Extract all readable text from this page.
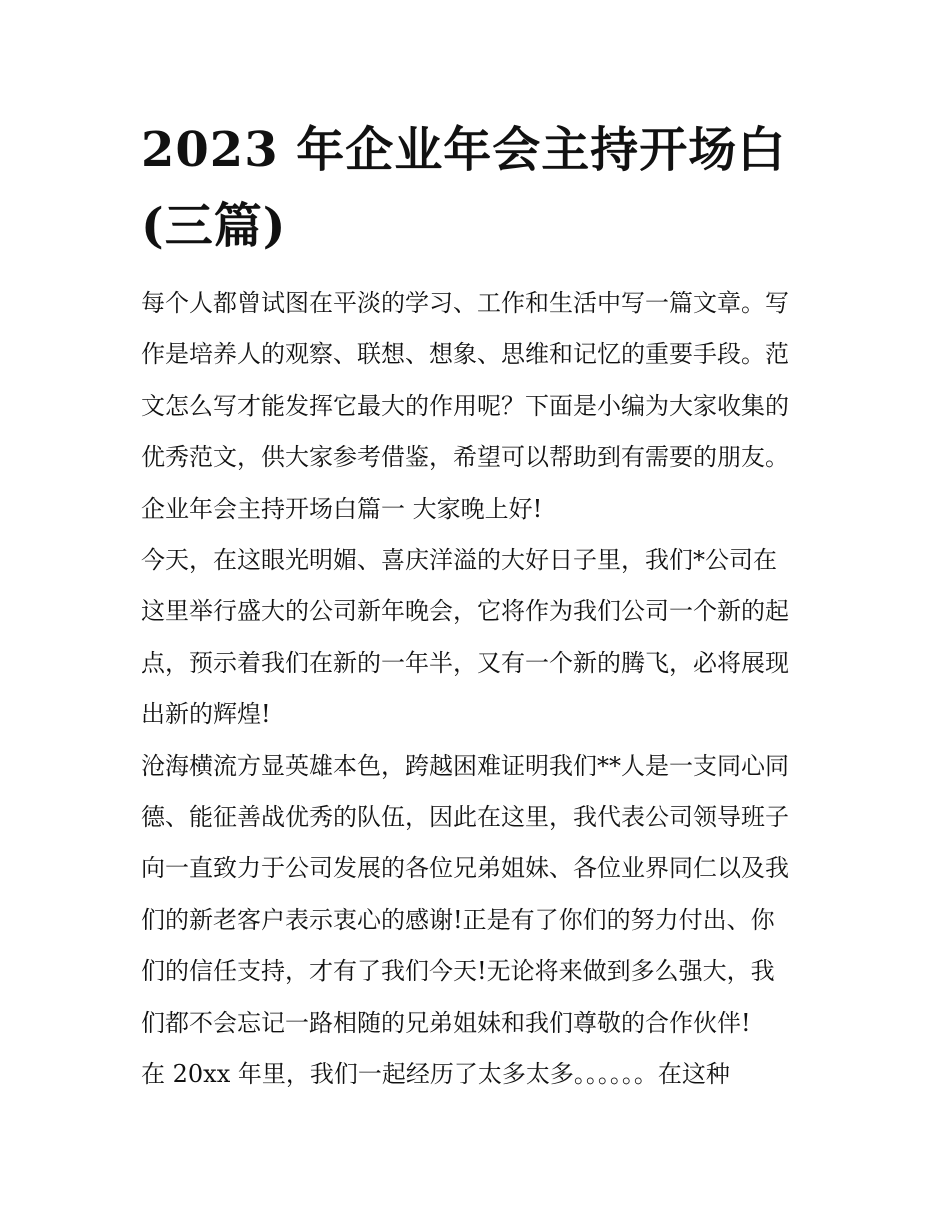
2023 年企业年会主持开场白
(三篇)
每个人都曾试图在平淡的学习、工作和生活中写一篇文章。写
作是培养人的观察、联想、想象、思维和记忆的重要手段。范
文怎么写才能发挥它最大的作用呢？下面是小编为大家收集的
优秀范文，供大家参考借鉴，希望可以帮助到有需要的朋友。
企业年会主持开场白篇一 大家晚上好!
今天，在这眼光明媚、喜庆洋溢的大好日子里，我们*公司在
这里举行盛大的公司新年晚会，它将作为我们公司一个新的起
点，预示着我们在新的一年半，又有一个新的腾飞，必将展现
出新的辉煌!
沧海横流方显英雄本色，跨越困难证明我们**人是一支同心同
德、能征善战优秀的队伍，因此在这里，我代表公司领导班子
向一直致力于公司发展的各位兄弟姐妹、各位业界同仁以及我
们的新老客户表示衷心的感谢!正是有了你们的努力付出、你
们的信任支持，才有了我们今天!无论将来做到多么强大，我
们都不会忘记一路相随的兄弟姐妹和我们尊敬的合作伙伴!
在 20xx 年里，我们一起经历了太多太多。。。。。。在这种
